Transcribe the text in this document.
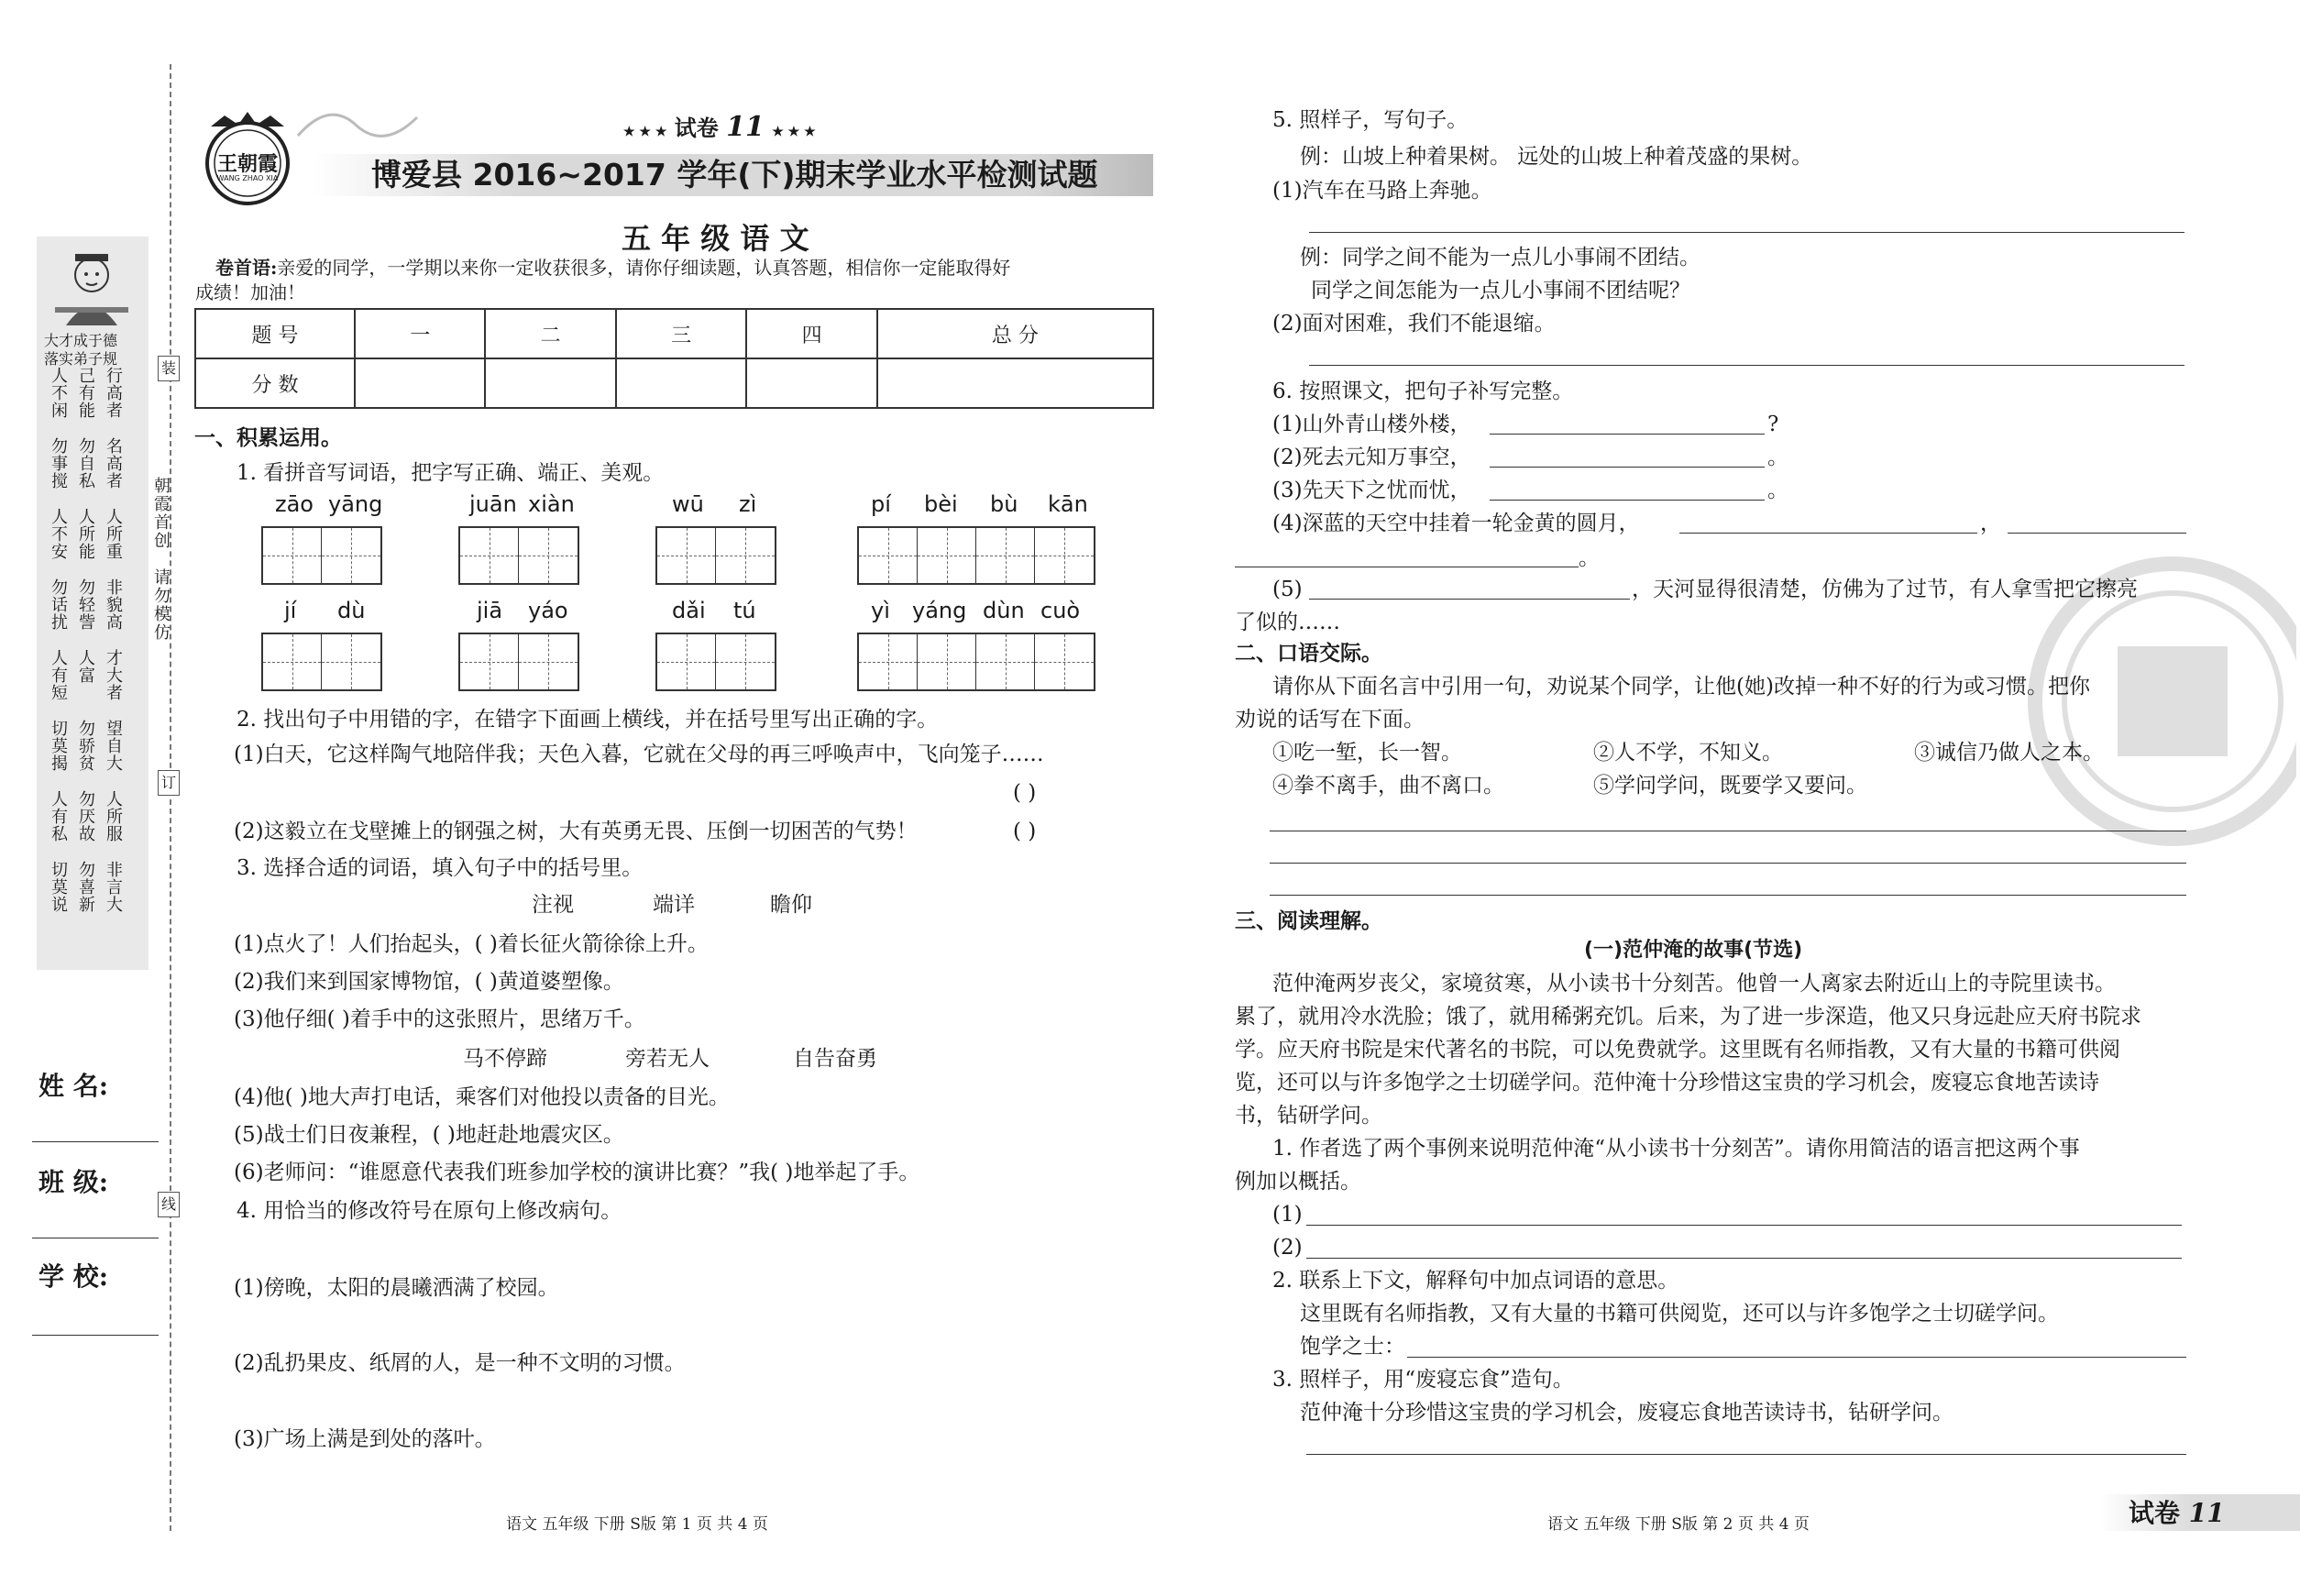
大才成于德
落实弟子规
人不闲 己有能 行高者
勿事搅 勿自私 名高者
人不安 人所能 人所重
勿话扰 勿轻訾 非貌高
人有短 人富 才大者
切莫揭 勿骄贫 望自大
人有私 勿厌故 人所服
切莫说 勿喜新 非言大
姓 名:
班 级:
学 校:
装
订
线
朝霞首创
请勿模仿
王朝霞
WANG ZHAO XIA
★ ★ ★ 试卷 11 ★ ★ ★
博爱县 2016~2017 学年(下)期末学业水平检测试题
五 年 级 语 文
卷首语:亲爱的同学，一学期以来你一定收获很多，请你仔细读题，认真答题，相信你一定能取得好
成绩！加油！
题 号	一	二	三	四	总 分
分 数					
一、积累运用。
1. 看拼音写词语，把字写正确、端正、美观。
zāo yāng	juān xiàn	wū zì	pí bèi bù kān
jí dù	jiā yáo	dǎi tú	yì yáng dùn cuò
2. 找出句子中用错的字，在错字下面画上横线，并在括号里写出正确的字。
(1)白天，它这样陶气地陪伴我；天色入暮，它就在父母的再三呼唤声中，飞向笼子……
( )
(2)这毅立在戈壁摊上的钢强之树，大有英勇无畏、压倒一切困苦的气势！	( )
3. 选择合适的词语，填入句子中的括号里。
注视	端详	瞻仰
(1)点火了！人们抬起头，( )着长征火箭徐徐上升。
(2)我们来到国家博物馆，( )黄道婆塑像。
(3)他仔细( )着手中的这张照片，思绪万千。
马不停蹄	旁若无人	自告奋勇
(4)他( )地大声打电话，乘客们对他投以责备的目光。
(5)战士们日夜兼程，( )地赶赴地震灾区。
(6)老师问：“谁愿意代表我们班参加学校的演讲比赛？”我( )地举起了手。
4. 用恰当的修改符号在原句上修改病句。
(1)傍晚，太阳的晨曦洒满了校园。
(2)乱扔果皮、纸屑的人，是一种不文明的习惯。
(3)广场上满是到处的落叶。
语文 五年级 下册 S版 第 1 页 共 4 页
5. 照样子，写句子。
例：山坡上种着果树。 远处的山坡上种着茂盛的果树。
(1)汽车在马路上奔驰。
例：同学之间不能为一点儿小事闹不团结。
同学之间怎能为一点儿小事闹不团结呢？
(2)面对困难，我们不能退缩。
6. 按照课文，把句子补写完整。
(1)山外青山楼外楼，	?
(2)死去元知万事空，	。
(3)先天下之忧而忧，	。
(4)深蓝的天空中挂着一轮金黄的圆月，	，
。
(5)	，天河显得很清楚，仿佛为了过节，有人拿雪把它擦亮
了似的……
二、口语交际。
请你从下面名言中引用一句，劝说某个同学，让他(她)改掉一种不好的行为或习惯。把你
劝说的话写在下面。
①吃一堑，长一智。	②人不学，不知义。	③诚信乃做人之本。
④拳不离手，曲不离口。	⑤学问学问，既要学又要问。
三、阅读理解。
(一)范仲淹的故事(节选)
范仲淹两岁丧父，家境贫寒，从小读书十分刻苦。他曾一人离家去附近山上的寺院里读书。
累了，就用冷水洗脸；饿了，就用稀粥充饥。后来，为了进一步深造，他又只身远赴应天府书院求
学。应天府书院是宋代著名的书院，可以免费就学。这里既有名师指教，又有大量的书籍可供阅
览，还可以与许多饱学之士切磋学问。范仲淹十分珍惜这宝贵的学习机会，废寝忘食地苦读诗
书，钻研学问。
1. 作者选了两个事例来说明范仲淹“从小读书十分刻苦”。请你用简洁的语言把这两个事
例加以概括。
(1)
(2)
2. 联系上下文，解释句中加点词语的意思。
这里既有名师指教，又有大量的书籍可供阅览，还可以与许多饱学之士切磋学问。
饱学之士：
3. 照样子，用“废寝忘食”造句。
范仲淹十分珍惜这宝贵的学习机会，废寝忘食地苦读诗书，钻研学问。
语文 五年级 下册 S版 第 2 页 共 4 页	试卷 11
